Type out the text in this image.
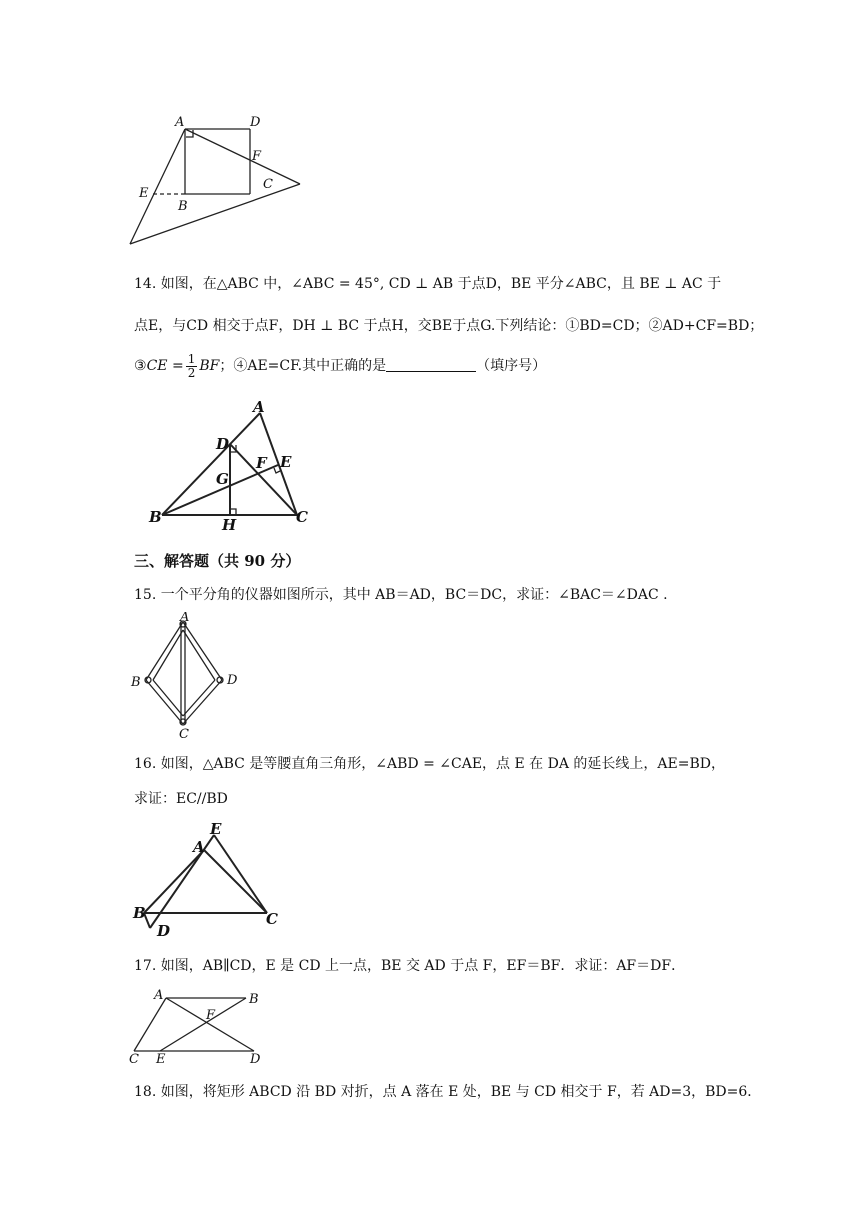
A	D
F
C
E
B
14. 如图，在△ABC 中，∠ABC = 45°, CD ⊥ AB 于点D，BE 平分∠ABC，且 BE ⊥ AC 于
点E，与CD 相交于点F，DH ⊥ BC 于点H，交BE于点G.下列结论：①BD=CD；②AD+CF=BD；
③CE = $\frac{1}{2}$ BF；④AE=CF.其中正确的是	（填序号）
A
D
F E
G
B	H	C
三、解答题（共 90 分）
15. 一个平分角的仪器如图所示，其中 AB＝AD，BC＝DC，求证：∠BAC＝∠DAC .
A
B	D
C
16. 如图，△ABC 是等腰直角三角形，∠ABD = ∠CAE，点 E 在 DA 的延长线上，AE=BD，
求证：EC//BD
E
A
B
D
C
17. 如图，AB∥CD，E 是 CD 上一点，BE 交 AD 于点 F，EF＝BF．求证：AF＝DF．
A	B
F
C E	D
18. 如图，将矩形 ABCD 沿 BD 对折，点 A 落在 E 处，BE 与 CD 相交于 F，若 AD=3，BD=6．
